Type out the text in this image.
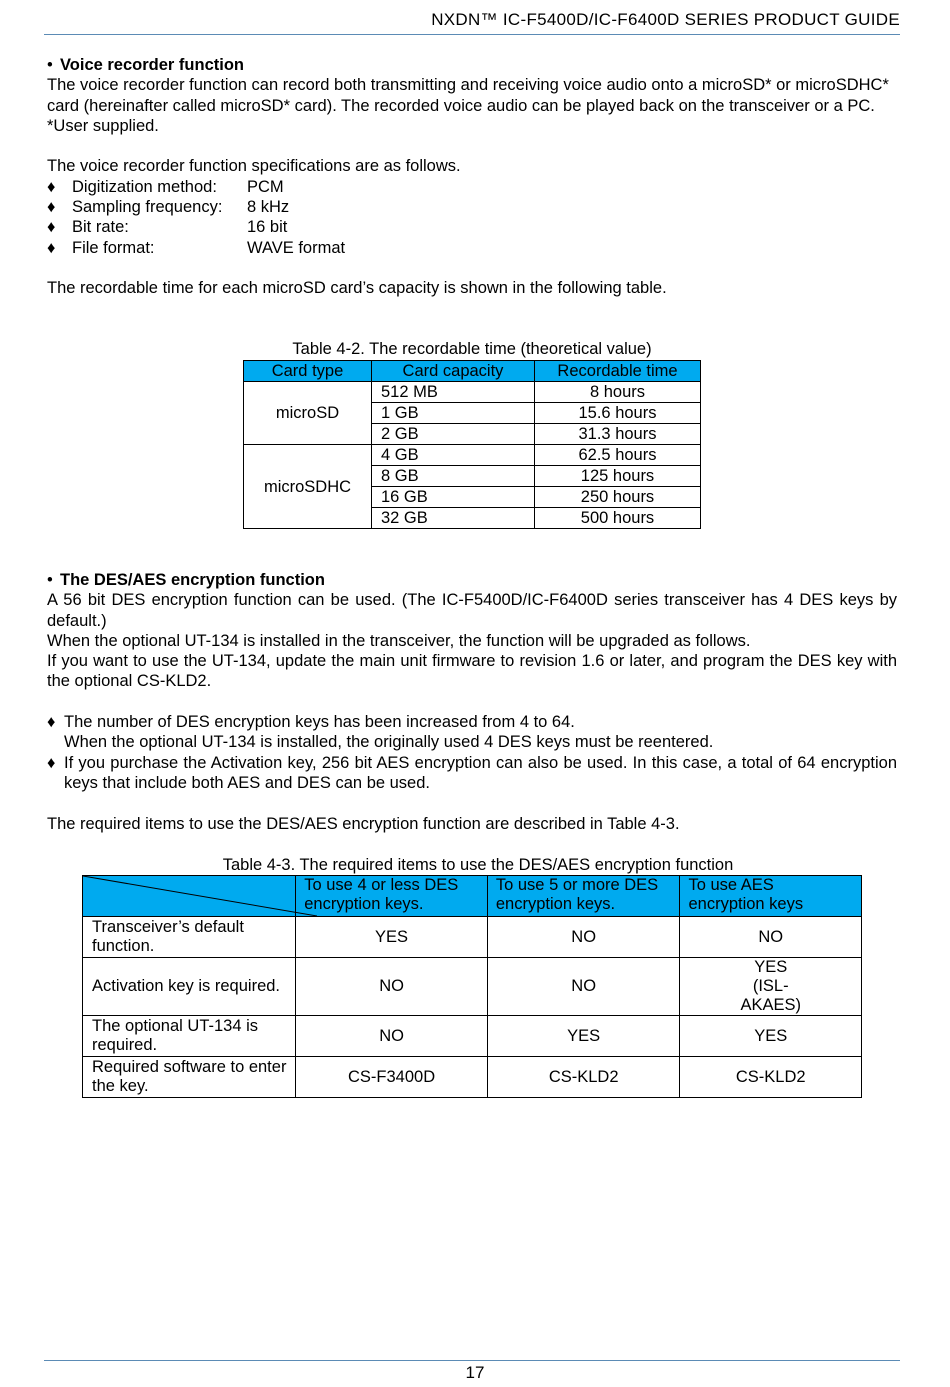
NXDN™ IC-F5400D/IC-F6400D SERIES PRODUCT GUIDE
• Voice recorder function
The voice recorder function can record both transmitting and receiving voice audio onto a microSD* or microSDHC* card (hereinafter called microSD* card). The recorded voice audio can be played back on the transceiver or a PC.
*User supplied.
The voice recorder function specifications are as follows.
♦	Digitization method:	PCM
♦	Sampling frequency:	8 kHz
♦	Bit rate:	16 bit
♦	File format:	WAVE format
The recordable time for each microSD card’s capacity is shown in the following table.
Table 4-2. The recordable time (theoretical value)
Card type	Card capacity	Recordable time
microSD	512 MB	8 hours
	1 GB	15.6 hours
	2 GB	31.3 hours
microSDHC	4 GB	62.5 hours
	8 GB	125 hours
	16 GB	250 hours
	32 GB	500 hours
• The DES/AES encryption function
A 56 bit DES encryption function can be used. (The IC-F5400D/IC-F6400D series transceiver has 4 DES keys by default.)
When the optional UT-134 is installed in the transceiver, the function will be upgraded as follows.
If you want to use the UT-134, update the main unit firmware to revision 1.6 or later, and program the DES key with the optional CS-KLD2.
♦ The number of DES encryption keys has been increased from 4 to 64.
When the optional UT-134 is installed, the originally used 4 DES keys must be reentered.
♦ If you purchase the Activation key, 256 bit AES encryption can also be used. In this case, a total of 64 encryption keys that include both AES and DES can be used.
The required items to use the DES/AES encryption function are described in Table 4-3.
Table 4-3. The required items to use the DES/AES encryption function
	To use 4 or less DES encryption keys.	To use 5 or more DES encryption keys.	To use AES encryption keys
Transceiver’s default function.	YES	NO	NO
Activation key is required.	NO	NO	YES (ISL-AKAES)
The optional UT-134 is required.	NO	YES	YES
Required software to enter the key.	CS-F3400D	CS-KLD2	CS-KLD2
17
